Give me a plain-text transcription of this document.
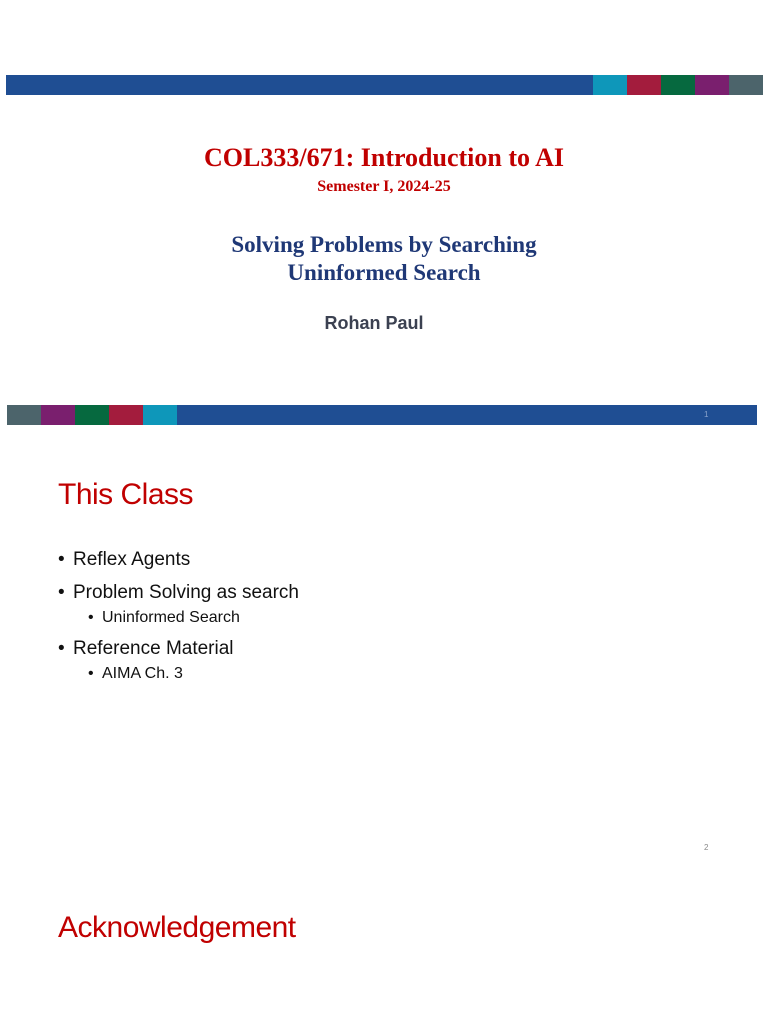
COL333/671: Introduction to AI
Semester I, 2024-25
Solving Problems by Searching
Uninformed Search
Rohan Paul
1
This Class
• Reflex Agents
• Problem Solving as search
• Uninformed Search
• Reference Material
• AIMA Ch. 3
2
Acknowledgement
